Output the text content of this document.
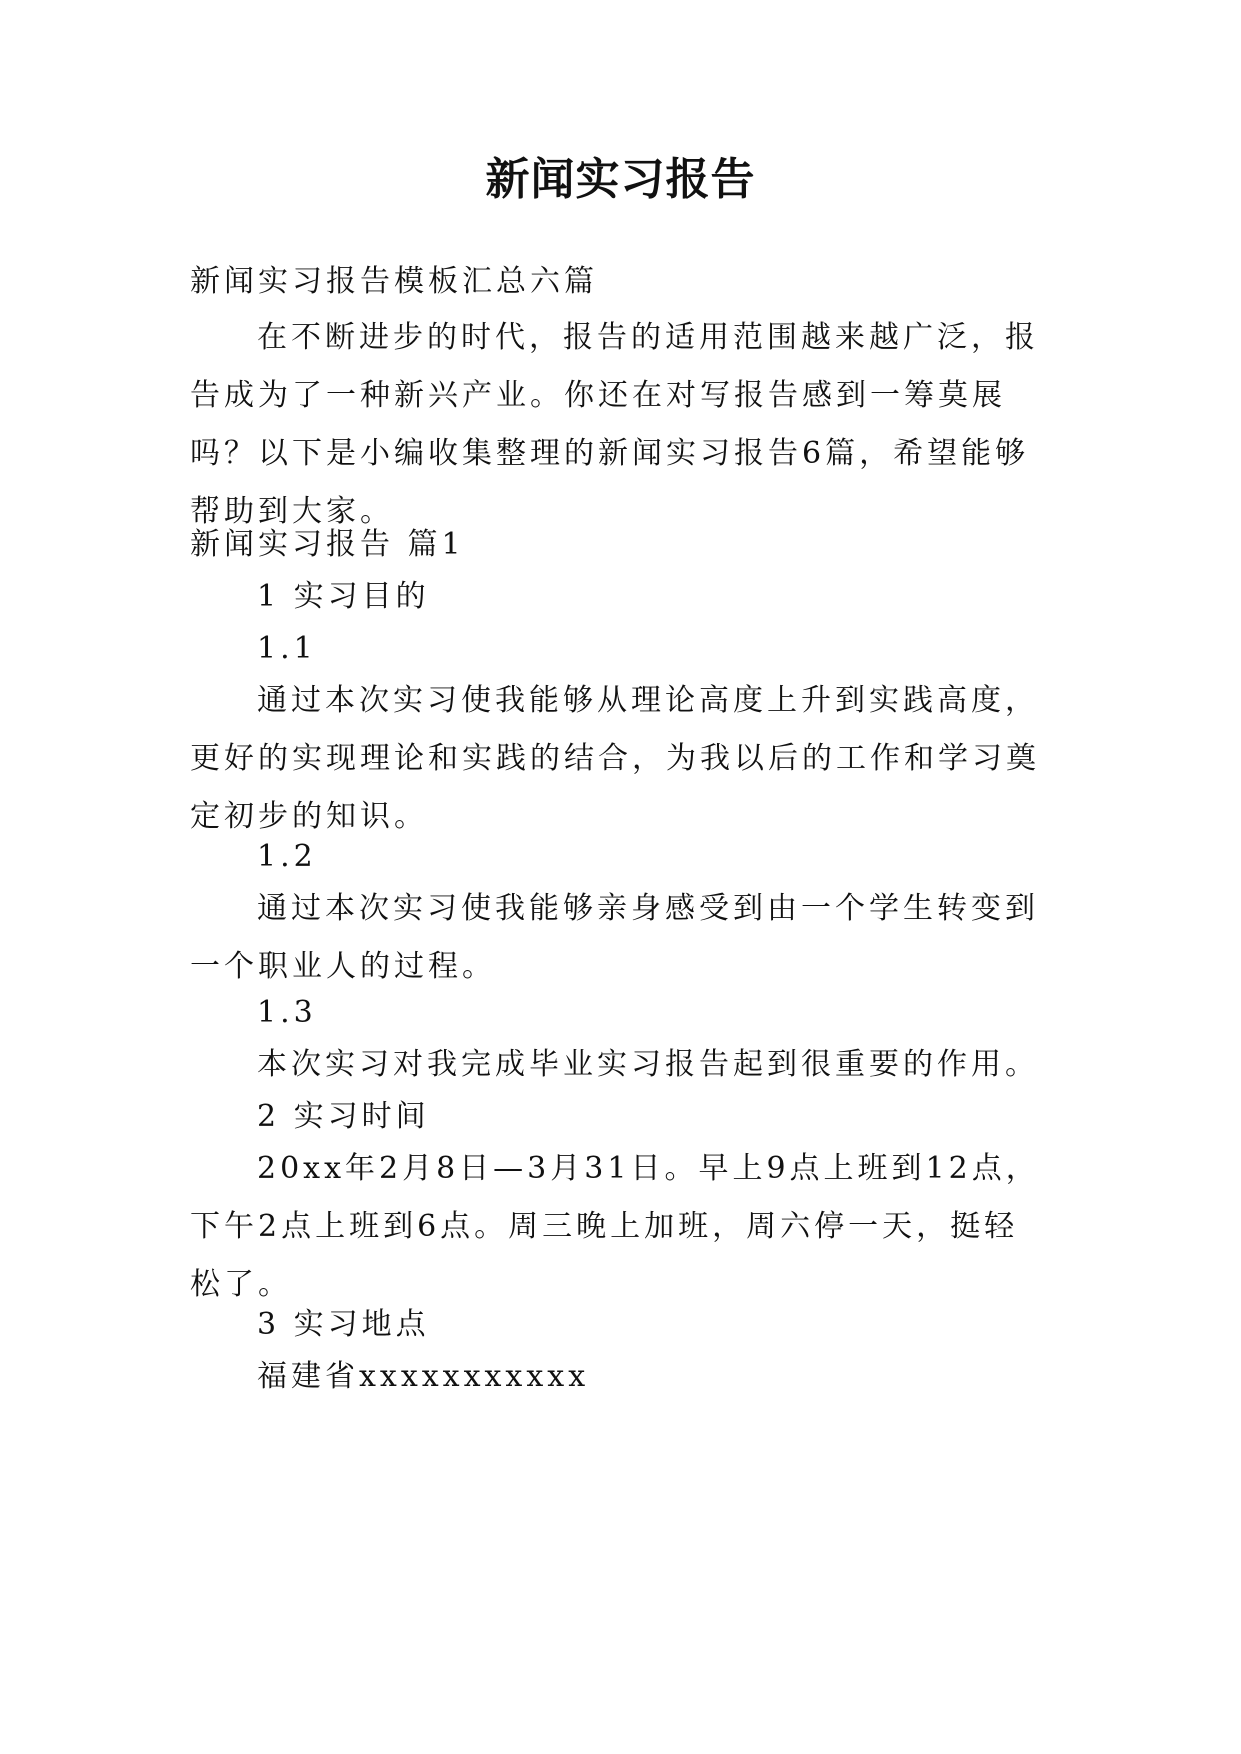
新闻实习报告
新闻实习报告模板汇总六篇
在不断进步的时代，报告的适用范围越来越广泛，报告成为了一种新兴产业。你还在对写报告感到一筹莫展吗？以下是小编收集整理的新闻实习报告6篇，希望能够帮助到大家。
新闻实习报告 篇1
1 实习目的
1.1
通过本次实习使我能够从理论高度上升到实践高度，更好的实现理论和实践的结合，为我以后的工作和学习奠定初步的知识。
1.2
通过本次实习使我能够亲身感受到由一个学生转变到一个职业人的过程。
1.3
本次实习对我完成毕业实习报告起到很重要的作用。
2 实习时间
20xx年2月8日—3月31日。早上9点上班到12点，下午2点上班到6点。周三晚上加班，周六停一天，挺轻松了。
3 实习地点
福建省xxxxxxxxxxx
